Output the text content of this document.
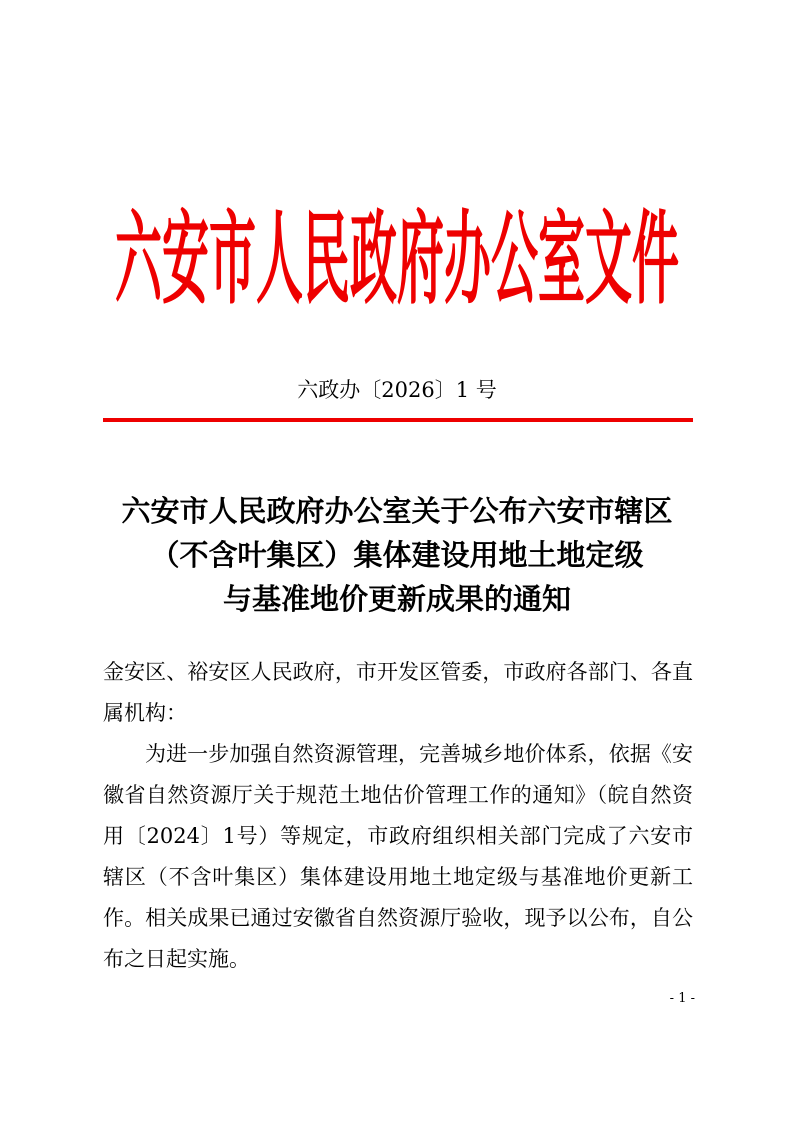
六安市人民政府办公室文件
六政办〔2026〕1 号
六安市人民政府办公室关于公布六安市辖区
（不含叶集区）集体建设用地土地定级
与基准地价更新成果的通知

金安区、裕安区人民政府，市开发区管委，市政府各部门、各直属机构：

为进一步加强自然资源管理，完善城乡地价体系，依据《安徽省自然资源厅关于规范土地估价管理工作的通知》（皖自然资用〔2024〕1号）等规定，市政府组织相关部门完成了六安市辖区（不含叶集区）集体建设用地土地定级与基准地价更新工作。相关成果已通过安徽省自然资源厅验收，现予以公布，自公布之日起实施。

- 1 -
